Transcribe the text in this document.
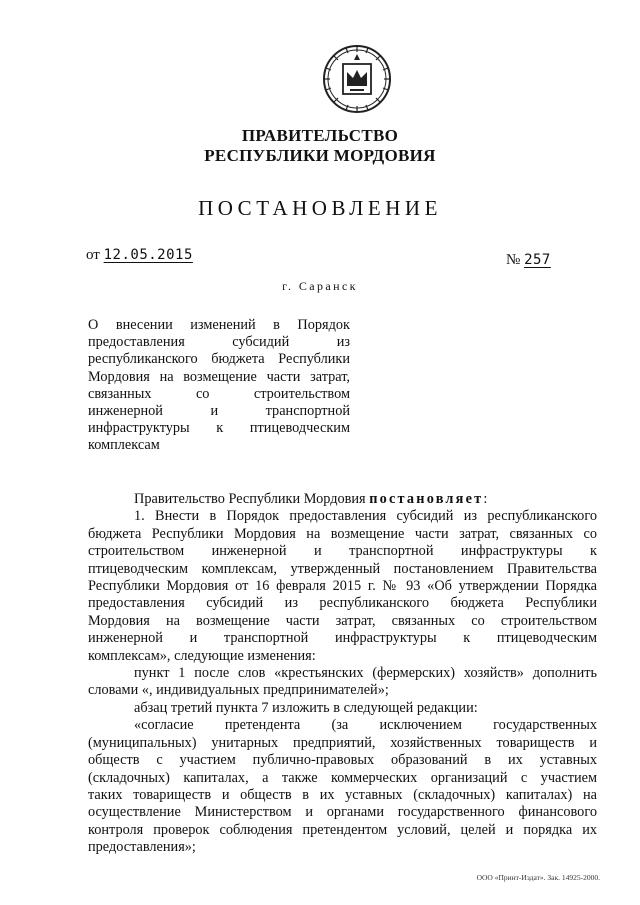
ПРАВИТЕЛЬСТВО
РЕСПУБЛИКИ МОРДОВИЯ
ПОСТАНОВЛЕНИЕ
от 12.05.2015	№ 257
г. Саранск
О внесении изменений в Порядок
предоставления субсидий из
республиканского бюджета Республики
Мордовия на возмещение части затрат,
связанных со строительством
инженерной и транспортной
инфраструктуры к птицеводческим
комплексам
Правительство Республики Мордовия постановляет:
1. Внести в Порядок предоставления субсидий из республиканского
бюджета Республики Мордовия на возмещение части затрат, связанных со
строительством инженерной и транспортной инфраструктуры к
птицеводческим комплексам, утвержденный постановлением Правительства
Республики Мордовия от 16 февраля 2015 г. № 93 «Об утверждении Порядка
предоставления субсидий из республиканского бюджета Республики
Мордовия на возмещение части затрат, связанных со строительством
инженерной и транспортной инфраструктуры к птицеводческим
комплексам», следующие изменения:
пункт 1 после слов «крестьянских (фермерских) хозяйств» дополнить
словами «, индивидуальных предпринимателей»;
абзац третий пункта 7 изложить в следующей редакции:
«согласие претендента (за исключением государственных
(муниципальных) унитарных предприятий, хозяйственных товариществ и
обществ с участием публично-правовых образований в их уставных
(складочных) капиталах, а также коммерческих организаций с участием
таких товариществ и обществ в их уставных (складочных) капиталах) на
осуществление Министерством и органами государственного финансового
контроля проверок соблюдения претендентом условий, целей и порядка их
предоставления»;
ООО «Принт-Издат». Зак. 14925-2000.
